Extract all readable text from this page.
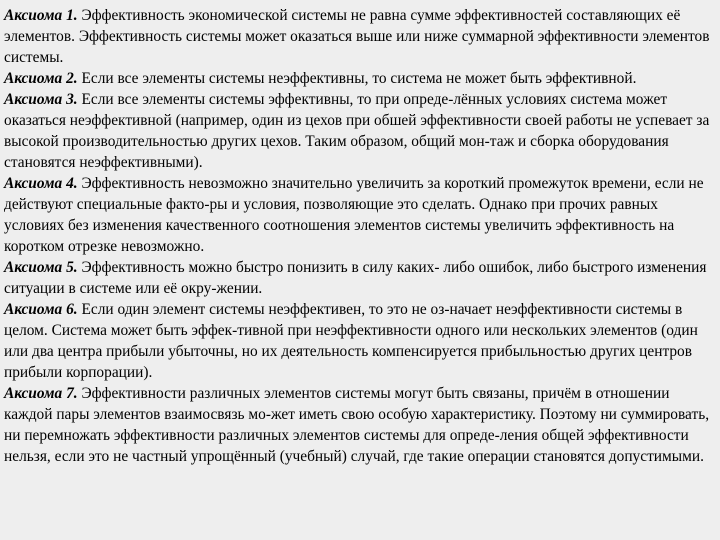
Аксиома 1. Эффективность экономической системы не равна сумме эффективностей составляющих её элементов. Эффективность системы может оказаться выше или ниже суммарной эффективности элементов системы.

Аксиома 2. Если все элементы системы неэффективны, то система не может быть эффективной.

Аксиома 3. Если все элементы системы эффективны, то при опреде-лённых условиях система может оказаться неэффективной (например, один из цехов при обшей эффективности своей работы не успевает за высокой производительностью других цехов. Таким образом, общий мон-таж и сборка оборудования становятся неэффективными).

Аксиома 4. Эффективность невозможно значительно увеличить за короткий промежуток времени, если не действуют специальные факто-ры и условия, позволяющие это сделать. Однако при прочих равных условиях без изменения качественного соотношения элементов системы увеличить эффективность на коротком отрезке невозможно.

Аксиома 5. Эффективность можно быстро понизить в силу каких- либо ошибок, либо быстрого изменения ситуации в системе или её окру-жении.

Аксиома 6. Если один элемент системы неэффективен, то это не оз-начает неэффективности системы в целом. Система может быть эффек-тивной при неэффективности одного или нескольких элементов (один или два центра прибыли убыточны, но их деятельность компенсируется прибыльностью других центров прибыли корпорации).

Аксиома 7. Эффективности различных элементов системы могут быть связаны, причём в отношении каждой пары элементов взаимосвязь мо-жет иметь свою особую характеристику. Поэтому ни суммировать, ни перемножать эффективности различных элементов системы для опреде-ления общей эффективности нельзя, если это не частный упрощённый (учебный) случай, где такие операции становятся допустимыми.
